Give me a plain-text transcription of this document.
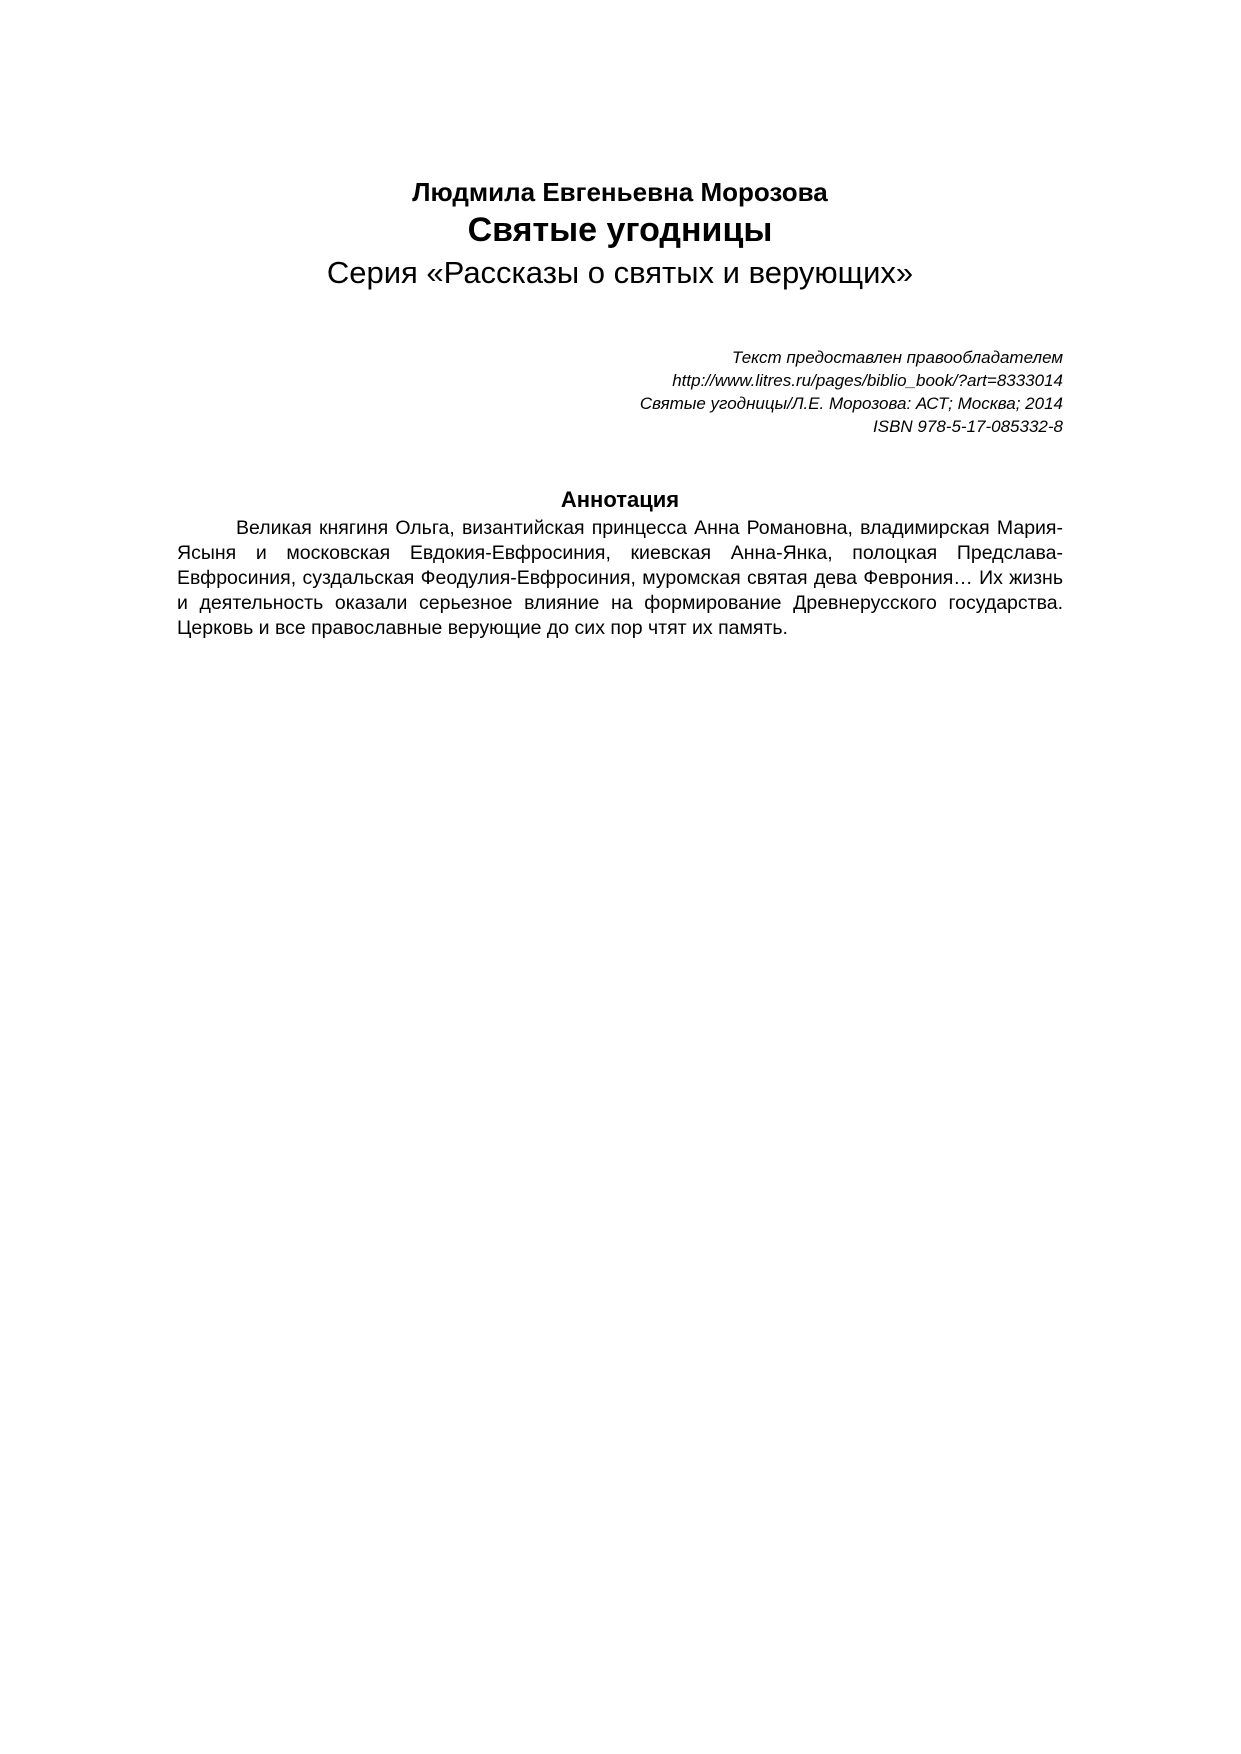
Людмила Евгеньевна Морозова
Святые угодницы
Серия «Рассказы о святых и верующих»
Текст предоставлен правообладателем
http://www.litres.ru/pages/biblio_book/?art=8333014
Святые угодницы/Л.Е. Морозова: АСТ; Москва; 2014
ISBN 978-5-17-085332-8
Аннотация

Великая княгиня Ольга, византийская принцесса Анна Романовна, владимирская Мария-Ясыня и московская Евдокия-Евфросиния, киевская Анна-Янка, полоцкая Предслава-Евфросиния, суздальская Феодулия-Евфросиния, муромская святая дева Феврония… Их жизнь и деятельность оказали серьезное влияние на формирование Древнерусского государства. Церковь и все православные верующие до сих пор чтят их память.
